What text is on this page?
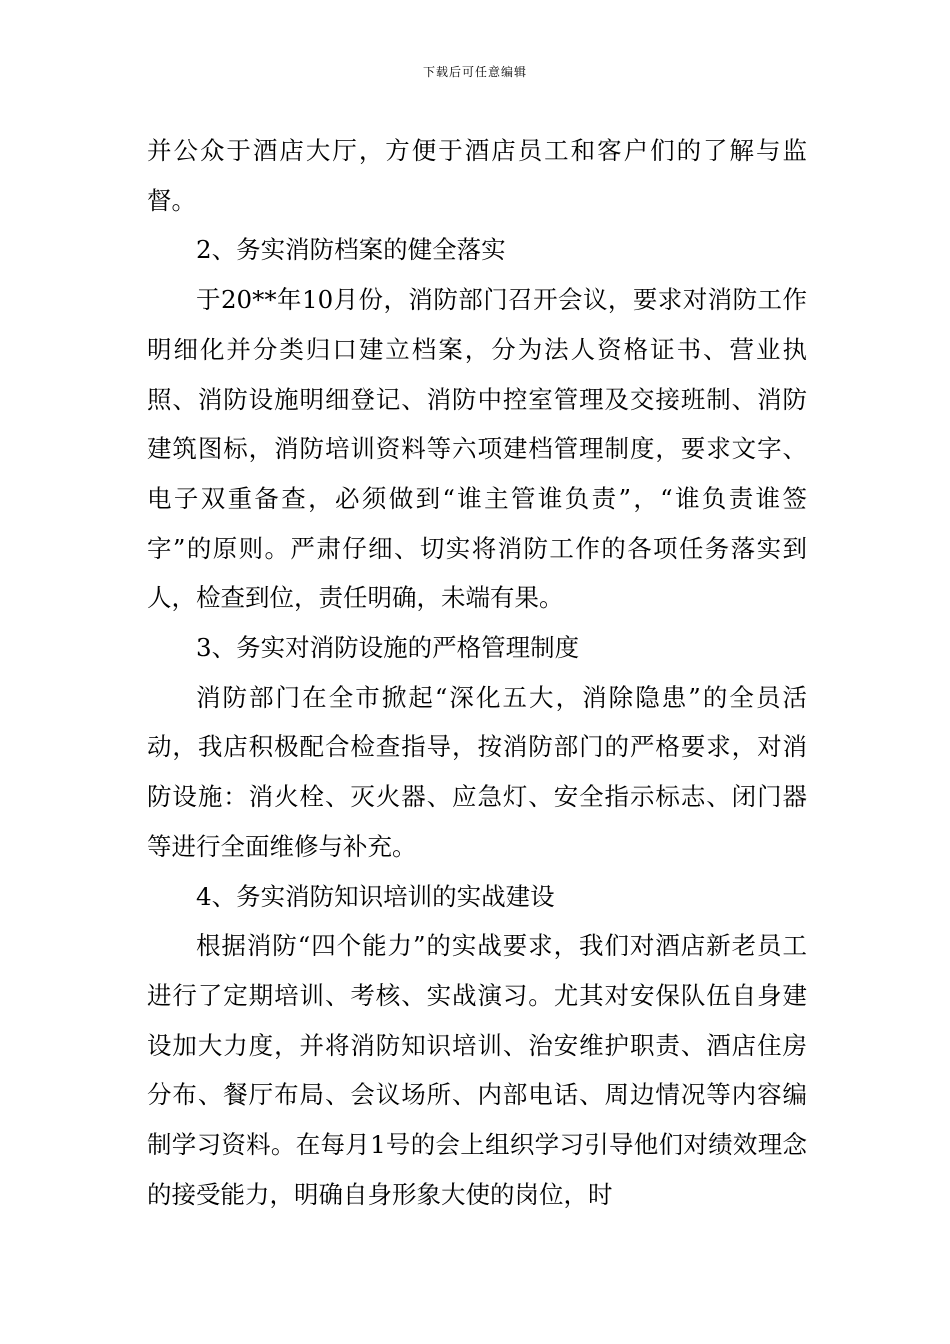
下载后可任意编辑

并公众于酒店大厅，方便于酒店员工和客户们的了解与监督。

2、务实消防档案的健全落实

于20**年10月份，消防部门召开会议，要求对消防工作明细化并分类归口建立档案，分为法人资格证书、营业执照、消防设施明细登记、消防中控室管理及交接班制、消防建筑图标，消防培训资料等六项建档管理制度，要求文字、电子双重备查，必须做到“谁主管谁负责”，“谁负责谁签字”的原则。严肃仔细、切实将消防工作的各项任务落实到人，检查到位，责任明确，未端有果。

3、务实对消防设施的严格管理制度

消防部门在全市掀起“深化五大，消除隐患”的全员活动，我店积极配合检查指导，按消防部门的严格要求，对消防设施：消火栓、灭火器、应急灯、安全指示标志、闭门器等进行全面维修与补充。

4、务实消防知识培训的实战建设

根据消防“四个能力”的实战要求，我们对酒店新老员工进行了定期培训、考核、实战演习。尤其对安保队伍自身建设加大力度，并将消防知识培训、治安维护职责、酒店住房分布、餐厅布局、会议场所、内部电话、周边情况等内容编制学习资料。在每月1号的会上组织学习引导他们对绩效理念的接受能力，明确自身形象大使的岗位，时
